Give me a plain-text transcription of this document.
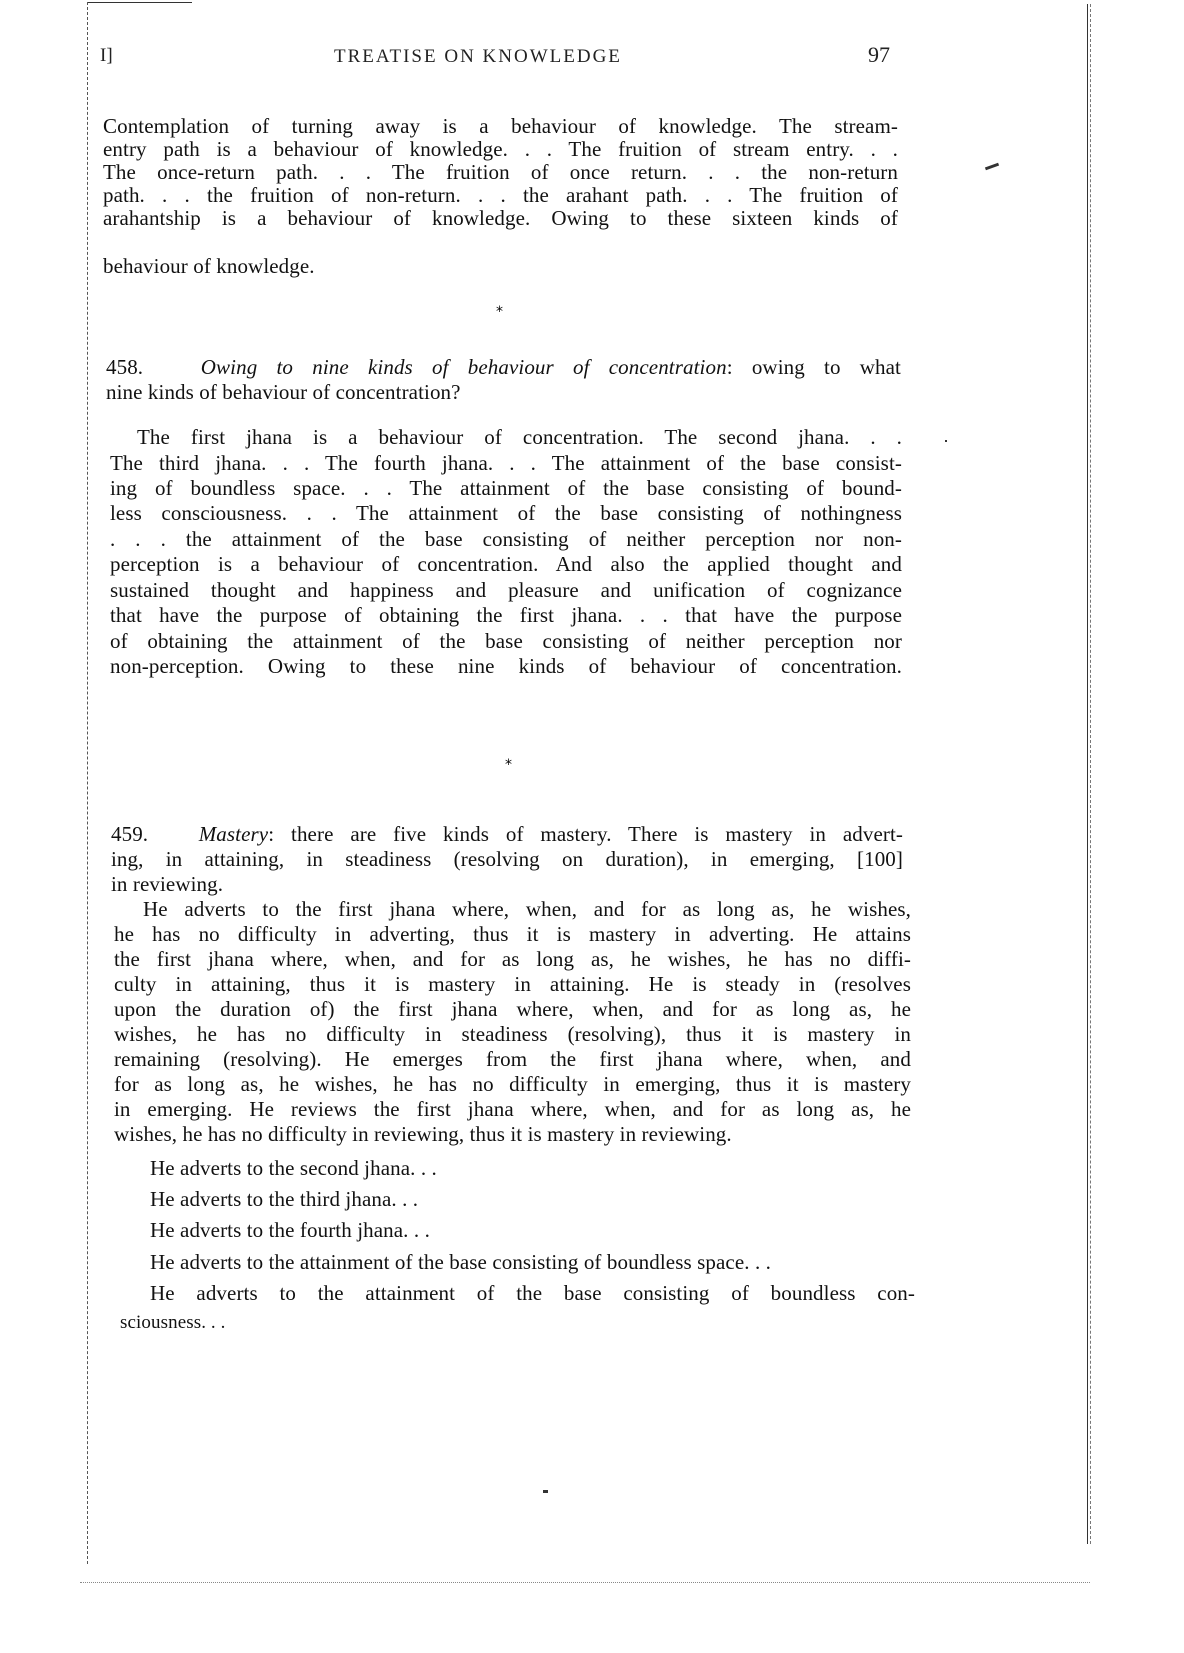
I]	TREATISE ON KNOWLEDGE	97
Contemplation of turning away is a behaviour of knowledge. The stream-
entry path is a behaviour of knowledge. . . The fruition of stream entry. . .
The once-return path. . . The fruition of once return. . . the non-return
path. . . the fruition of non-return. . . the arahant path. . . The fruition of
arahantship is a behaviour of knowledge. Owing to these sixteen kinds of
behaviour of knowledge.
*
458.	Owing to nine kinds of behaviour of concentration: owing to what
nine kinds of behaviour of concentration?
The first jhana is a behaviour of concentration. The second jhana. . .
The third jhana. . . The fourth jhana. . . The attainment of the base consist-
ing of boundless space. . . The attainment of the base consisting of bound-
less consciousness. . . The attainment of the base consisting of nothingness
. . . the attainment of the base consisting of neither perception nor non-
perception is a behaviour of concentration. And also the applied thought and
sustained thought and happiness and pleasure and unification of cognizance
that have the purpose of obtaining the first jhana. . . that have the purpose
of obtaining the attainment of the base consisting of neither perception nor
non-perception. Owing to these nine kinds of behaviour of concentration.
*
459. Mastery: there are five kinds of mastery. There is mastery in advert-
ing, in attaining, in steadiness (resolving on duration), in emerging, [100]
in reviewing.
He adverts to the first jhana where, when, and for as long as, he wishes,
he has no difficulty in adverting, thus it is mastery in adverting. He attains
the first jhana where, when, and for as long as, he wishes, he has no diffi-
culty in attaining, thus it is mastery in attaining. He is steady in (resolves
upon the duration of) the first jhana where, when, and for as long as, he
wishes, he has no difficulty in steadiness (resolving), thus it is mastery in
remaining (resolving). He emerges from the first jhana where, when, and
for as long as, he wishes, he has no difficulty in emerging, thus it is mastery
in emerging. He reviews the first jhana where, when, and for as long as, he
wishes, he has no difficulty in reviewing, thus it is mastery in reviewing.
He adverts to the second jhana. . .
He adverts to the third jhana. . .
He adverts to the fourth jhana. . .
He adverts to the attainment of the base consisting of boundless space. . .
He adverts to the attainment of the base consisting of boundless con-
sciousness. . .
